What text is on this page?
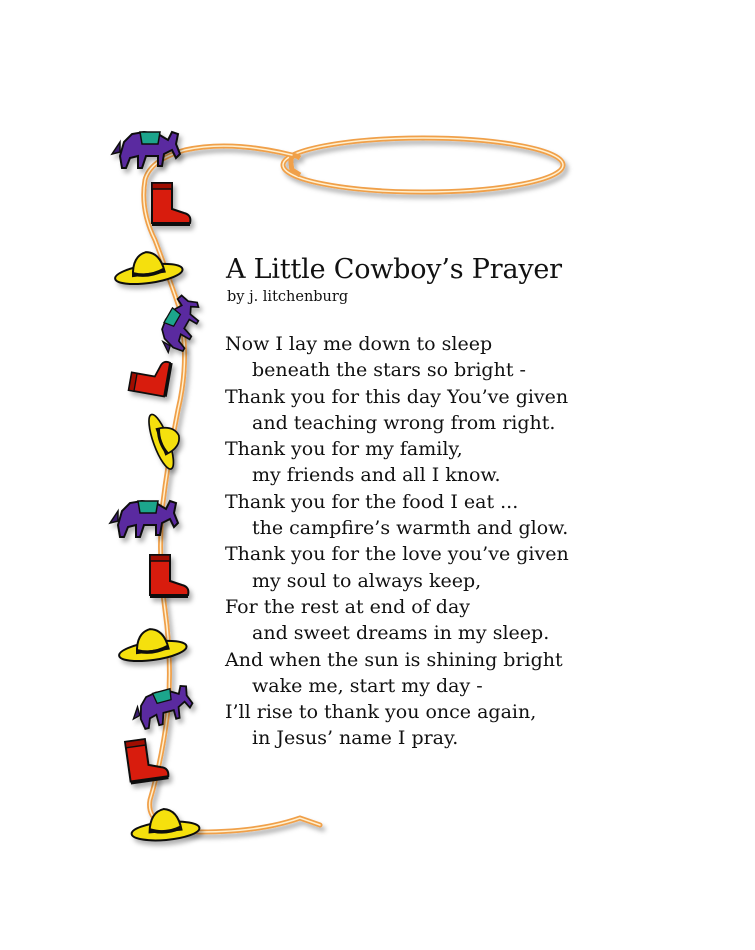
A Little Cowboy’s Prayer
by j. litchenburg
Now I lay me down to sleep
beneath the stars so bright -
Thank you for this day You’ve given
and teaching wrong from right.
Thank you for my family,
my friends and all I know.
Thank you for the food I eat ...
the campfire’s warmth and glow.
Thank you for the love you’ve given
my soul to always keep,
For the rest at end of day
and sweet dreams in my sleep.
And when the sun is shining bright
wake me, start my day -
I’ll rise to thank you once again,
in Jesus’ name I pray.
